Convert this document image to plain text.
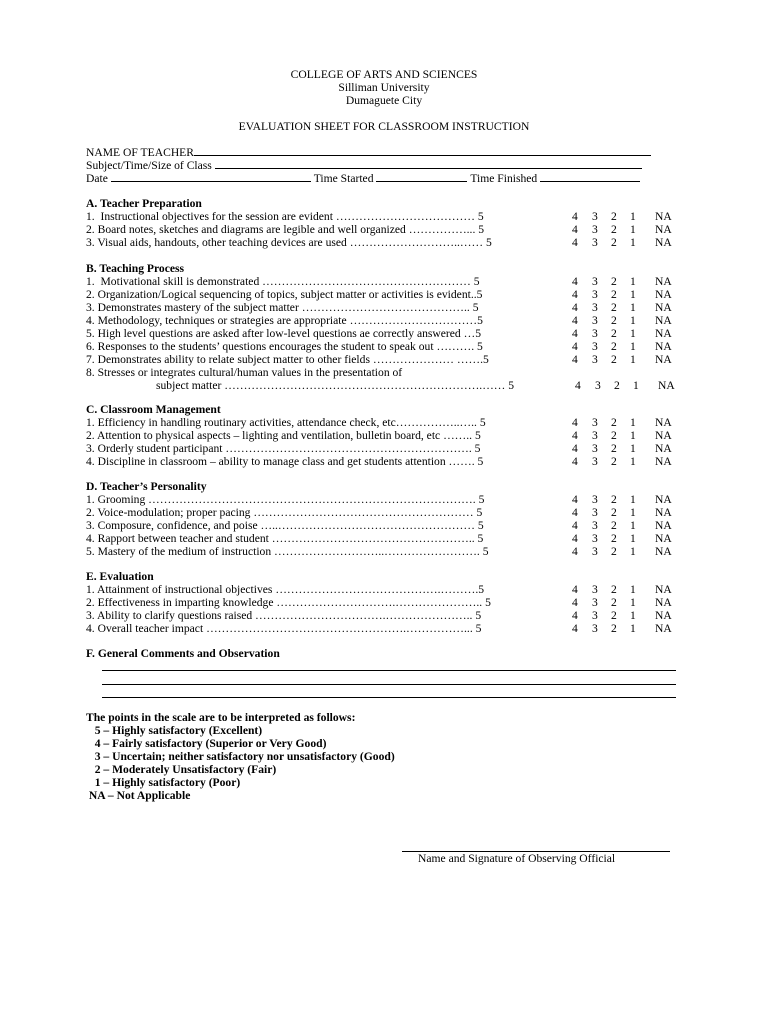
COLLEGE OF ARTS AND SCIENCES
Silliman University
Dumaguete City
EVALUATION SHEET FOR CLASSROOM INSTRUCTION
NAME OF TEACHER
Subject/Time/Size of Class
Date	Time Started	Time Finished
A. Teacher Preparation
1.  Instructional objectives for the session are evident ……………………………… 5	4 3 2 1 NA
2. Board notes, sketches and diagrams are legible and well organized ……………... 5	4 3 2 1 NA
3. Visual aids, handouts, other teaching devices are used ………………………..…… 5	4 3 2 1 NA
B. Teaching Process
1.  Motivational skill is demonstrated ……………………………………………… 5	4 3 2 1 NA
2. Organization/Logical sequencing of topics, subject matter or activities is evident..5	4 3 2 1 NA
3. Demonstrates mastery of the subject matter …………………………………….. 5	4 3 2 1 NA
4. Methodology, techniques or strategies are appropriate ……………………………5	4 3 2 1 NA
5. High level questions are asked after low-level questions ae correctly answered …5	4 3 2 1 NA
6. Responses to the students’ questions encourages the student to speak out ………. 5	4 3 2 1 NA
7. Demonstrates ability to relate subject matter to other fields ………………… …….5	4 3 2 1 NA
8. Stresses or integrates cultural/human values in the presentation of
subject matter ………………………………………………………….…… 5	4 3 2 1 NA
C. Classroom Management
1. Efficiency in handling routinary activities, attendance check, etc……………..….. 5	4 3 2 1 NA
2. Attention to physical aspects – lighting and ventilation, bulletin board, etc …….. 5	4 3 2 1 NA
3. Orderly student participant ………………………………………………………. 5	4 3 2 1 NA
4. Discipline in classroom – ability to manage class and get students attention ……. 5	4 3 2 1 NA
D. Teacher’s Personality
1. Grooming …………………………………………………………………………. 5	4 3 2 1 NA
2. Voice-modulation; proper pacing ………………………………………………… 5	4 3 2 1 NA
3. Composure, confidence, and poise …..…………………………………………… 5	4 3 2 1 NA
4. Rapport between teacher and student …………………………………………….. 5	4 3 2 1 NA
5. Mastery of the medium of instruction ………………………..……………………. 5	4 3 2 1 NA
E. Evaluation
1. Attainment of instructional objectives …………………………………….……….5	4 3 2 1 NA
2. Effectiveness in imparting knowledge ………………………….………………….. 5	4 3 2 1 NA
3. Ability to clarify questions raised …………………………….………………….. 5	4 3 2 1 NA
4. Overall teacher impact …………………………………………….……………... 5	4 3 2 1 NA
F. General Comments and Observation
The points in the scale are to be interpreted as follows:
5 – Highly satisfactory (Excellent)
4 – Fairly satisfactory (Superior or Very Good)
3 – Uncertain; neither satisfactory nor unsatisfactory (Good)
2 – Moderately Unsatisfactory (Fair)
1 – Highly satisfactory (Poor)
NA – Not Applicable
Name and Signature of Observing Official
